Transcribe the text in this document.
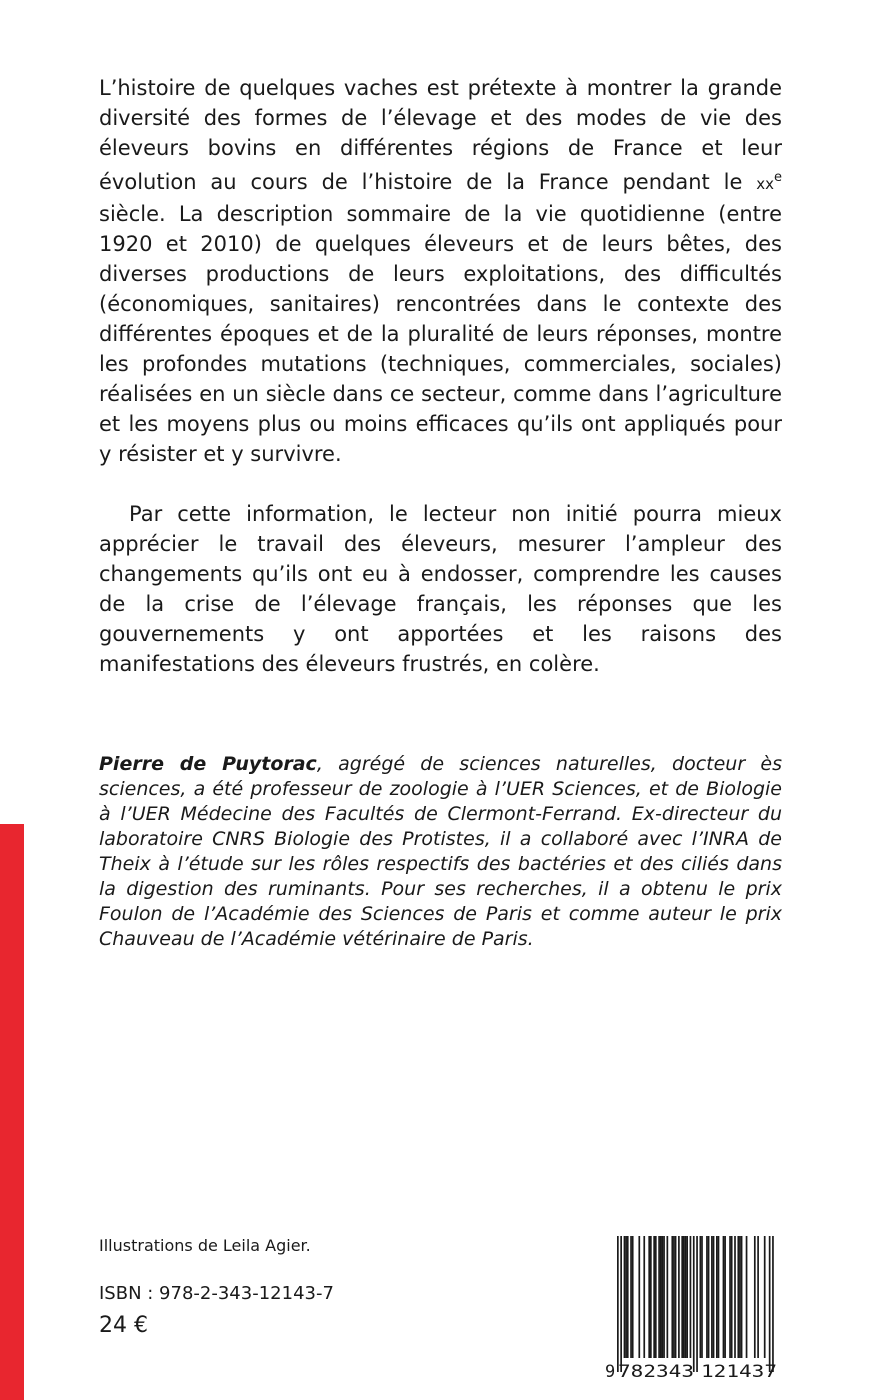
L’histoire de quelques vaches est prétexte à montrer la grande diversité des formes de l’élevage et des modes de vie des éleveurs bovins en différentes régions de France et leur évolution au cours de l’histoire de la France pendant le $xx^e$ siècle. La description sommaire de la vie quotidienne (entre 1920 et 2010) de quelques éleveurs et de leurs bêtes, des diverses productions de leurs exploitations, des difficultés (économiques, sanitaires) rencontrées dans le contexte des différentes époques et de la pluralité de leurs réponses, montre les profondes mutations (techniques, commerciales, sociales) réalisées en un siècle dans ce secteur, comme dans l’agriculture et les moyens plus ou moins efficaces qu’ils ont appliqués pour y résister et y survivre.

Par cette information, le lecteur non initié pourra mieux apprécier le travail des éleveurs, mesurer l’ampleur des changements qu’ils ont eu à endosser, comprendre les causes de la crise de l’élevage français, les réponses que les gouvernements y ont apportées et les raisons des manifestations des éleveurs frustrés, en colère.

Pierre de Puytorac, agrégé de sciences naturelles, docteur ès sciences, a été professeur de zoologie à l’UER Sciences, et de Biologie à l’UER Médecine des Facultés de Clermont-Ferrand. Ex-directeur du laboratoire CNRS Biologie des Protistes, il a collaboré avec l’INRA de Theix à l’étude sur les rôles respectifs des bactéries et des ciliés dans la digestion des ruminants. Pour ses recherches, il a obtenu le prix Foulon de l’Académie des Sciences de Paris et comme auteur le prix Chauveau de l’Académie vétérinaire de Paris.

Illustrations de Leila Agier.

ISBN : 978-2-343-12143-7

24 €

9 782343 121437
